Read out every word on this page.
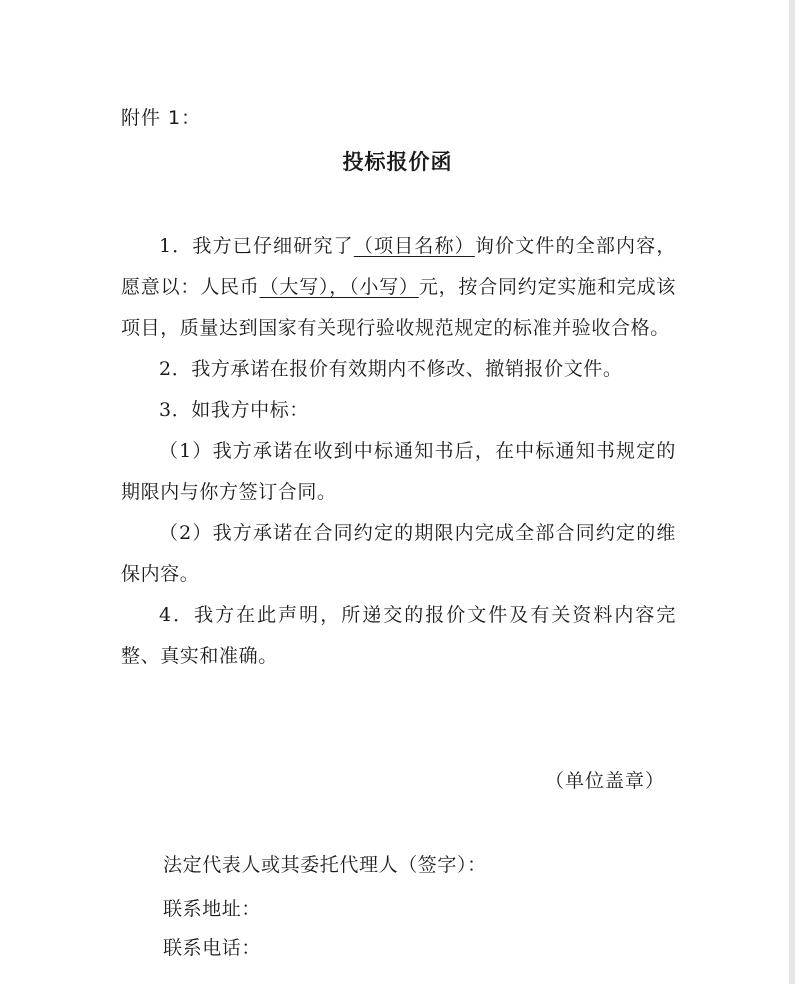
附件 1：
投标报价函

1．我方已仔细研究了（项目名称）询价文件的全部内容，愿意以：人民币（大写），（小写）元，按合同约定实施和完成该项目，质量达到国家有关现行验收规范规定的标准并验收合格。

2．我方承诺在报价有效期内不修改、撤销报价文件。

3．如我方中标：

（1）我方承诺在收到中标通知书后，在中标通知书规定的期限内与你方签订合同。

（2）我方承诺在合同约定的期限内完成全部合同约定的维保内容。

4．我方在此声明，所递交的报价文件及有关资料内容完整、真实和准确。

（单位盖章）
法定代表人或其委托代理人（签字）：
联系地址：
联系电话：
